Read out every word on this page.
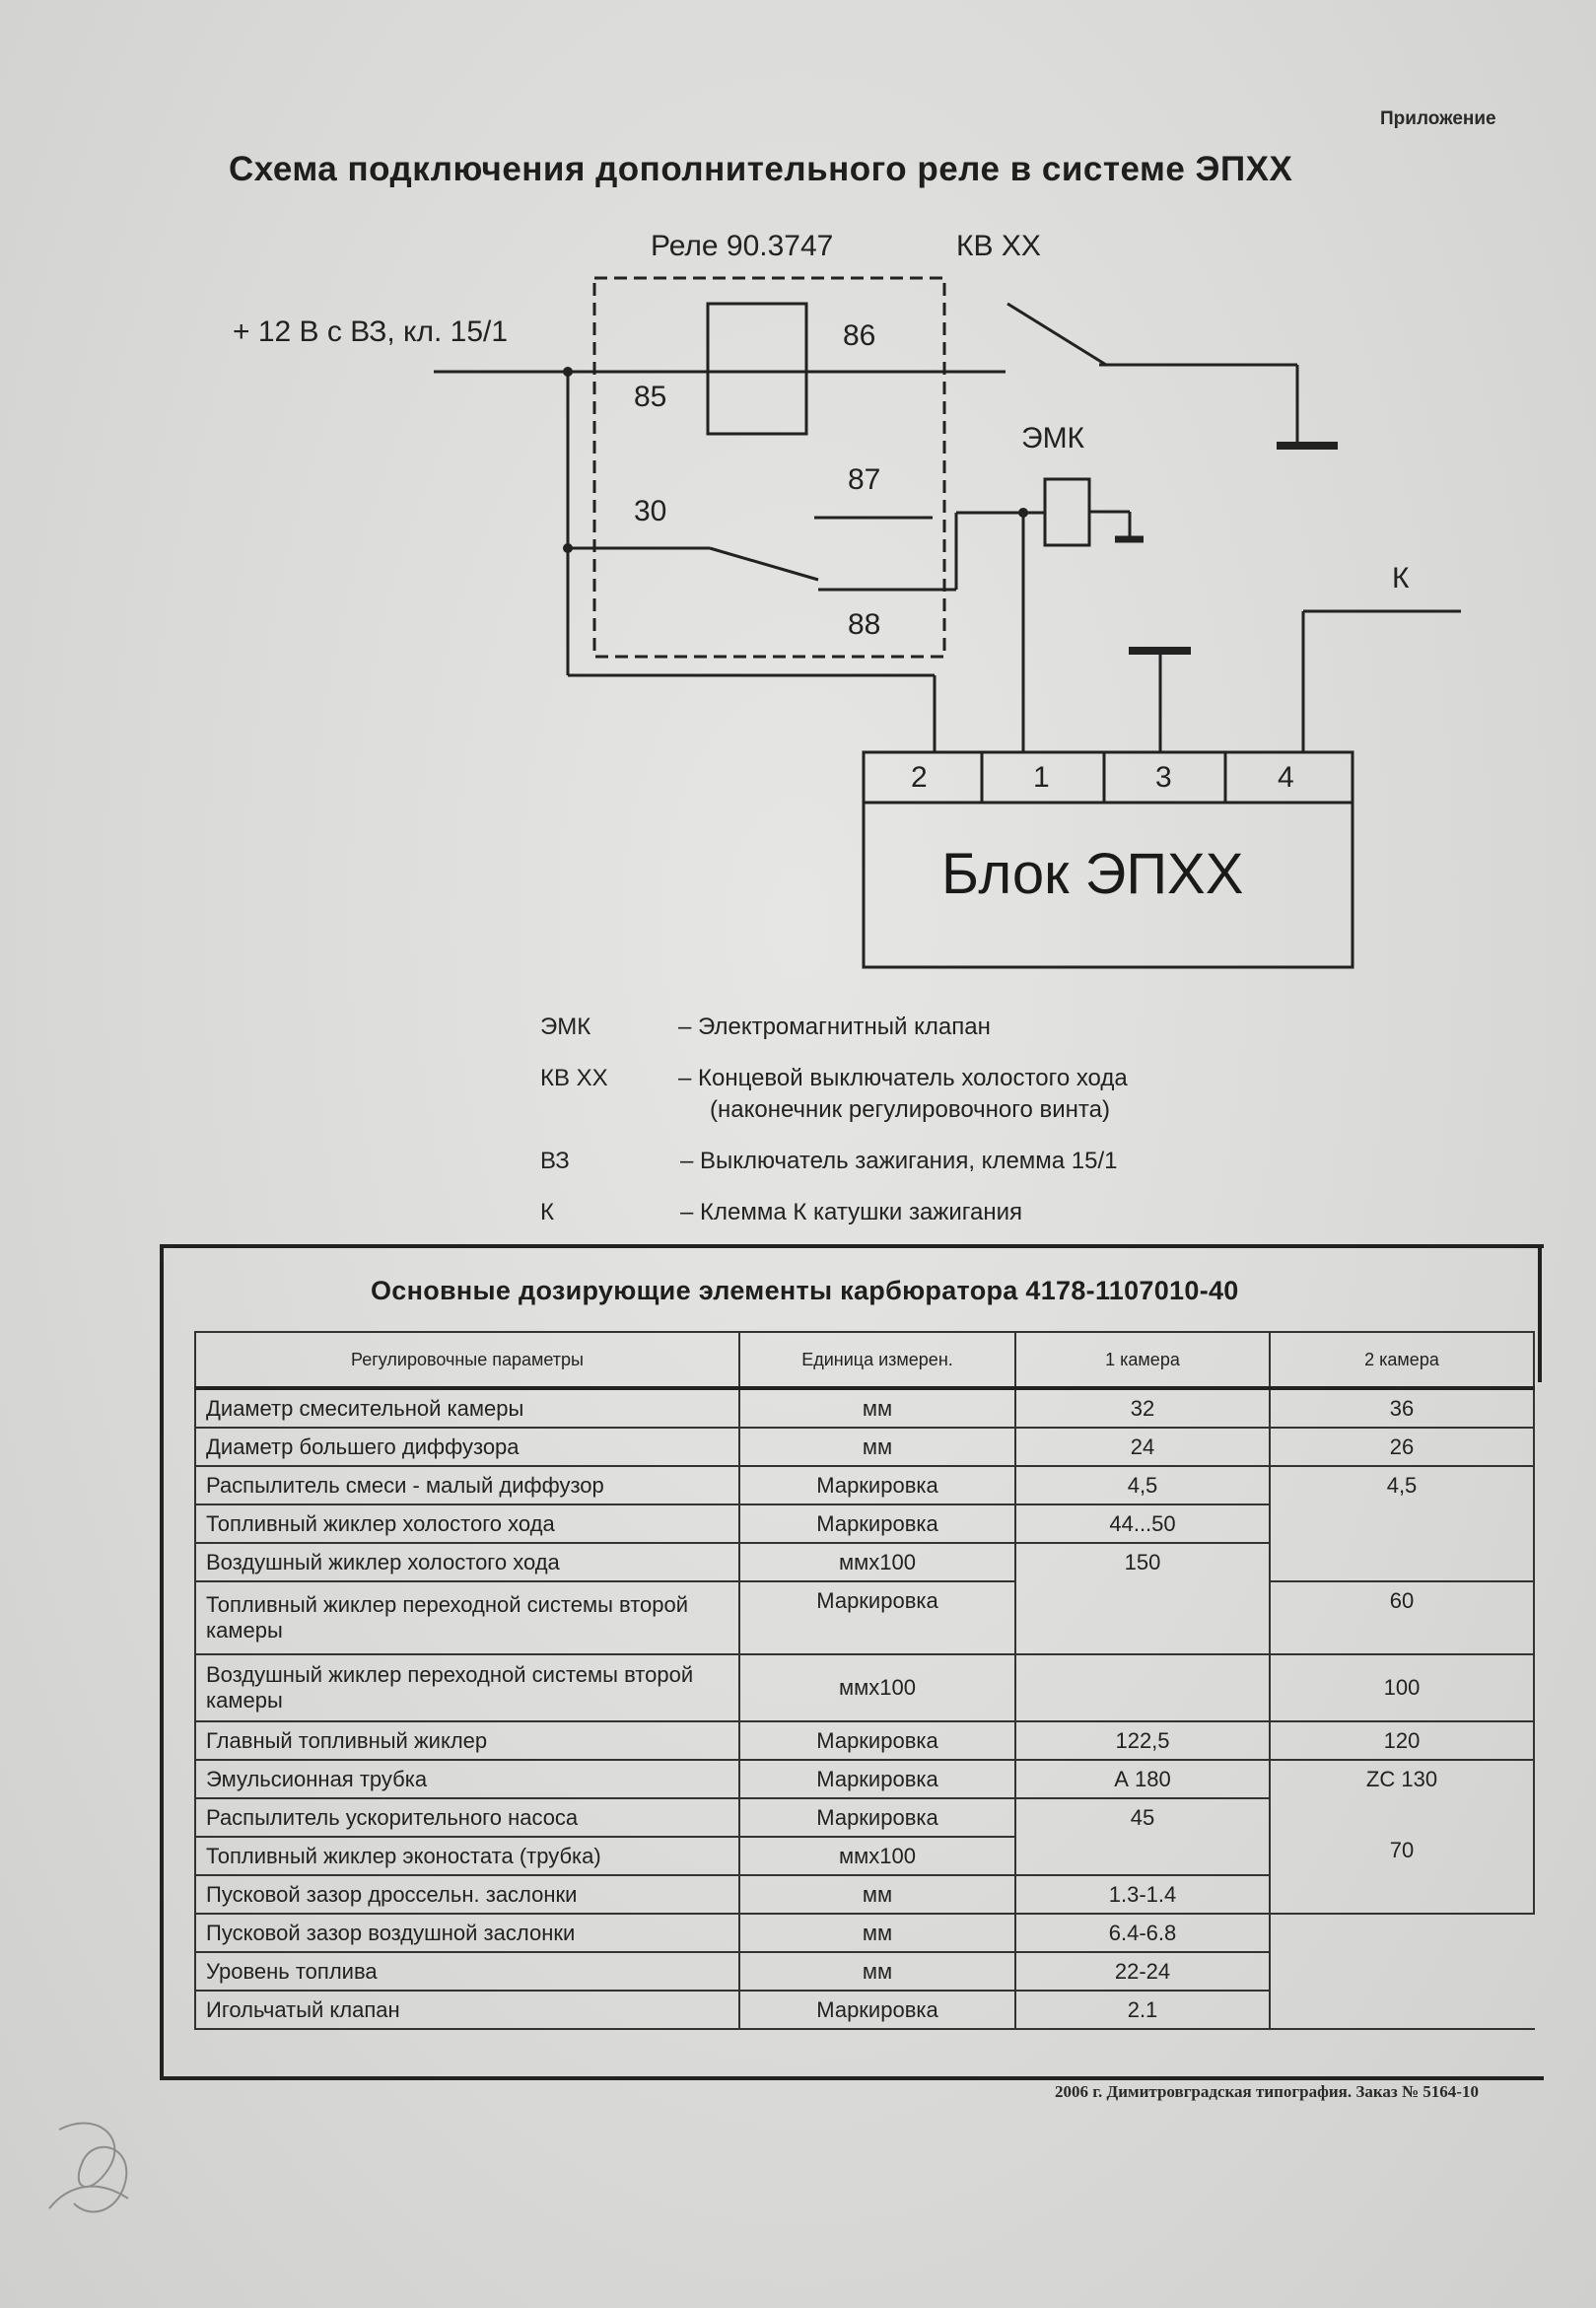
Приложение
Схема подключения дополнительного реле в системе ЭПХХ
Реле 90.3747	КВ ХХ
+ 12 В с ВЗ, кл. 15/1	86
85
ЭМК
87
30
К
88
2	1	3	4
Блок ЭПХХ
ЭМК	– Электромагнитный клапан
КВ ХХ	– Концевой выключатель холостого хода
(наконечник регулировочного винта)
ВЗ	– Выключатель зажигания, клемма 15/1
К	– Клемма К катушки зажигания
Основные дозирующие элементы карбюратора 4178-1107010-40
Регулировочные параметры	Единица измерен.	1 камера	2 камера
Диаметр смесительной камеры	мм	32	36
Диаметр большего диффузора	мм	24	26
Распылитель смеси - малый диффузор	Маркировка	4,5	4,5
Топливный жиклер холостого хода	Маркировка	44...50	
Воздушный жиклер холостого хода	ммх100	150	
Топливный жиклер переходной системы второй камеры	Маркировка		60
Воздушный жиклер переходной системы второй камеры	ммх100		100
Главный топливный жиклер	Маркировка	122,5	120
Эмульсионная трубка	Маркировка	А 180	ZC 130
Распылитель ускорительного насоса	Маркировка	45	
Топливный жиклер эконостата (трубка)	ммх100		70
Пусковой зазор дроссельн. заслонки	мм	1.3-1.4	
Пусковой зазор воздушной заслонки	мм	6.4-6.8	
Уровень топлива	мм	22-24	
Игольчатый клапан	Маркировка	2.1	
2006 г. Димитровградская типография. Заказ № 5164-10
